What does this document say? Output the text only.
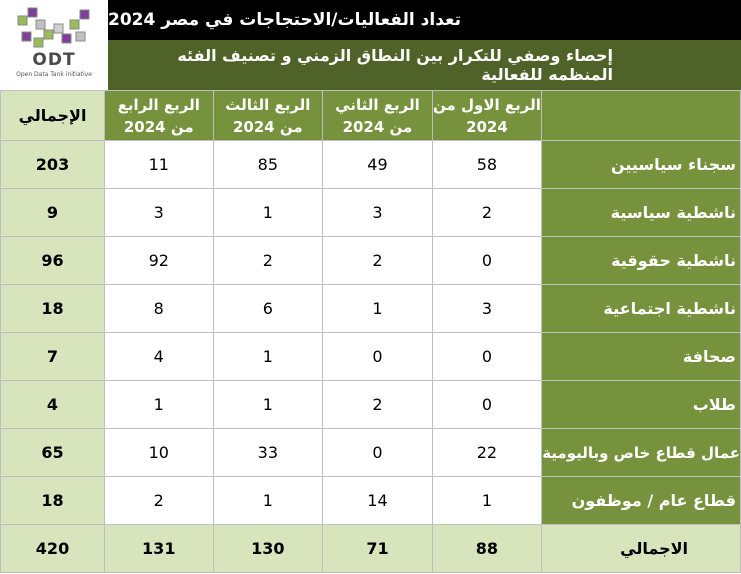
ODT
Open Data Tank initiative
تعداد الفعاليات/الاحتجاجات في مصر 2024
إحصاء وصفي للتكرار بين النطاق الزمني و تصنيف الفئه المنظمه للفعالية
الإجمالي	الربع الرابع من 2024	الربع الثالث من 2024	الربع الثاني من 2024	الربع الاول من 2024	
203	11	85	49	58	سجناء سياسيين
9	3	1	3	2	ناشطية سياسية
96	92	2	2	0	ناشطية حقوقية
18	8	6	1	3	ناشطية اجتماعية
7	4	1	0	0	صحافة
4	1	1	2	0	طلاب
65	10	33	0	22	عمال قطاع خاص وباليومية
18	2	1	14	1	قطاع عام / موظفون
420	131	130	71	88	الاجمالي
